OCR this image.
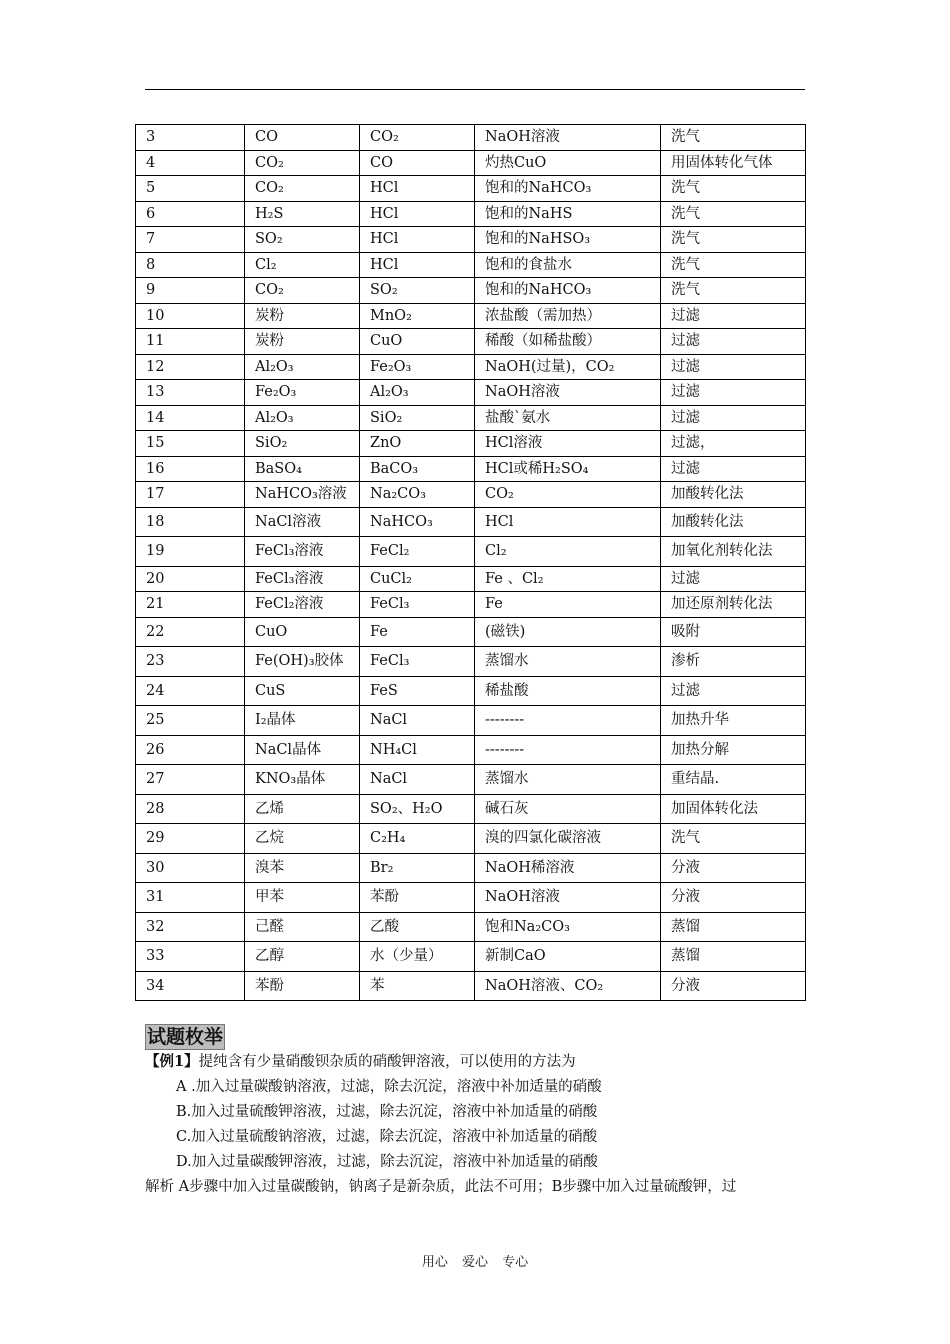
3	CO	CO₂	NaOH溶液	洗气
4	CO₂	CO	灼热CuO	用固体转化气体
5	CO₂	HCl	饱和的NaHCO₃	洗气
6	H₂S	HCl	饱和的NaHS	洗气
7	SO₂	HCl	饱和的NaHSO₃	洗气
8	Cl₂	HCl	饱和的食盐水	洗气
9	CO₂	SO₂	饱和的NaHCO₃	洗气
10	炭粉	MnO₂	浓盐酸（需加热）	过滤
11	炭粉	CuO	稀酸（如稀盐酸）	过滤
12	Al₂O₃	Fe₂O₃	NaOH(过量)，CO₂	过滤
13	Fe₂O₃	Al₂O₃	NaOH溶液	过滤
14	Al₂O₃	SiO₂	盐酸`氨水	过滤
15	SiO₂	ZnO	HCl溶液	过滤，
16	BaSO₄	BaCO₃	HCl或稀H₂SO₄	过滤
17	NaHCO₃溶液	Na₂CO₃	CO₂	加酸转化法
18	NaCl溶液	NaHCO₃	HCl	加酸转化法
19	FeCl₃溶液	FeCl₂	Cl₂	加氧化剂转化法
20	FeCl₃溶液	CuCl₂	Fe 、Cl₂	过滤
21	FeCl₂溶液	FeCl₃	Fe	加还原剂转化法
22	CuO	Fe	(磁铁)	吸附
23	Fe(OH)₃胶体	FeCl₃	蒸馏水	渗析
24	CuS	FeS	稀盐酸	过滤
25	I₂晶体	NaCl	--------	加热升华
26	NaCl晶体	NH₄Cl	--------	加热分解
27	KNO₃晶体	NaCl	蒸馏水	重结晶.
28	乙烯	SO₂、H₂O	碱石灰	加固体转化法
29	乙烷	C₂H₄	溴的四氯化碳溶液	洗气
30	溴苯	Br₂	NaOH稀溶液	分液
31	甲苯	苯酚	NaOH溶液	分液
32	己醛	乙酸	饱和Na₂CO₃	蒸馏
33	乙醇	水（少量）	新制CaO	蒸馏
34	苯酚	苯	NaOH溶液、CO₂	分液
试题枚举
【例1】提纯含有少量硝酸钡杂质的硝酸钾溶液，可以使用的方法为
A .加入过量碳酸钠溶液，过滤，除去沉淀，溶液中补加适量的硝酸
B.加入过量硫酸钾溶液，过滤，除去沉淀，溶液中补加适量的硝酸
C.加入过量硫酸钠溶液，过滤，除去沉淀，溶液中补加适量的硝酸
D.加入过量碳酸钾溶液，过滤，除去沉淀，溶液中补加适量的硝酸
解析 A步骤中加入过量碳酸钠，钠离子是新杂质，此法不可用；B步骤中加入过量硫酸钾，过
用心 爱心 专心
